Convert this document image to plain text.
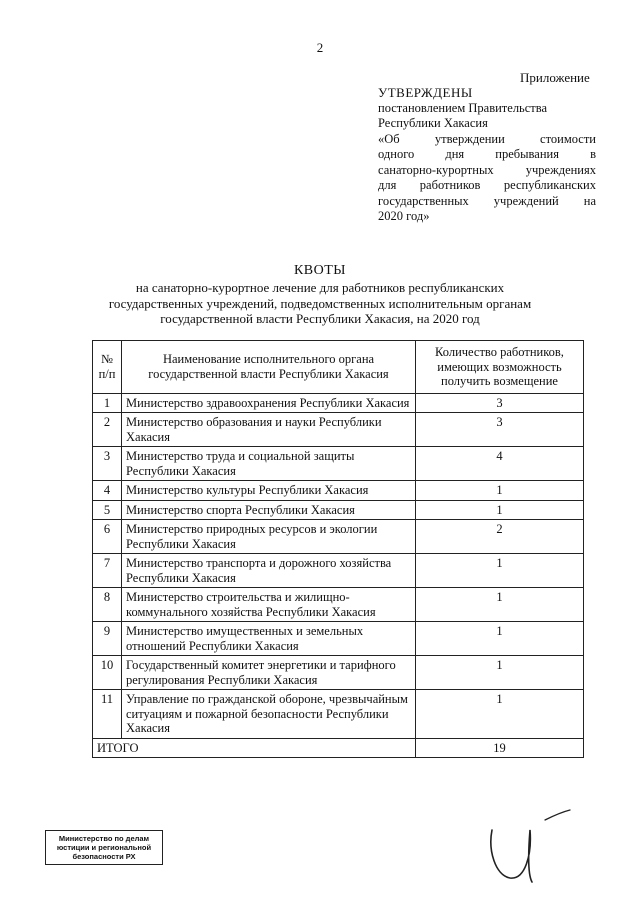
2
Приложение
УТВЕРЖДЕНЫ
постановлением Правительства
Республики Хакасия
«Об утверждении стоимости
одного дня пребывания в
санаторно-курортных учреждениях
для работников республиканских
государственных учреждений на
2020 год»
КВОТЫ
на санаторно-курортное лечение для работников республиканских
государственных учреждений, подведомственных исполнительным органам
государственной власти Республики Хакасия, на 2020 год
№ п/п	Наименование исполнительного органа государственной власти Республики Хакасия	Количество работников, имеющих возможность получить возмещение
1	Министерство здравоохранения Республики Хакасия	3
2	Министерство образования и науки Республики Хакасия	3
3	Министерство труда и социальной защиты Республики Хакасия	4
4	Министерство культуры Республики Хакасия	1
5	Министерство спорта Республики Хакасия	1
6	Министерство природных ресурсов и экологии Республики Хакасия	2
7	Министерство транспорта и дорожного хозяйства Республики Хакасия	1
8	Министерство строительства и жилищно-коммунального хозяйства Республики Хакасия	1
9	Министерство имущественных и земельных отношений Республики Хакасия	1
10	Государственный комитет энергетики и тарифного регулирования Республики Хакасия	1
11	Управление по гражданской обороне, чрезвычайным ситуациям и пожарной безопасности Республики Хакасия	1
ИТОГО		19
Министерство по делам
юстиции и региональной
безопасности РХ
